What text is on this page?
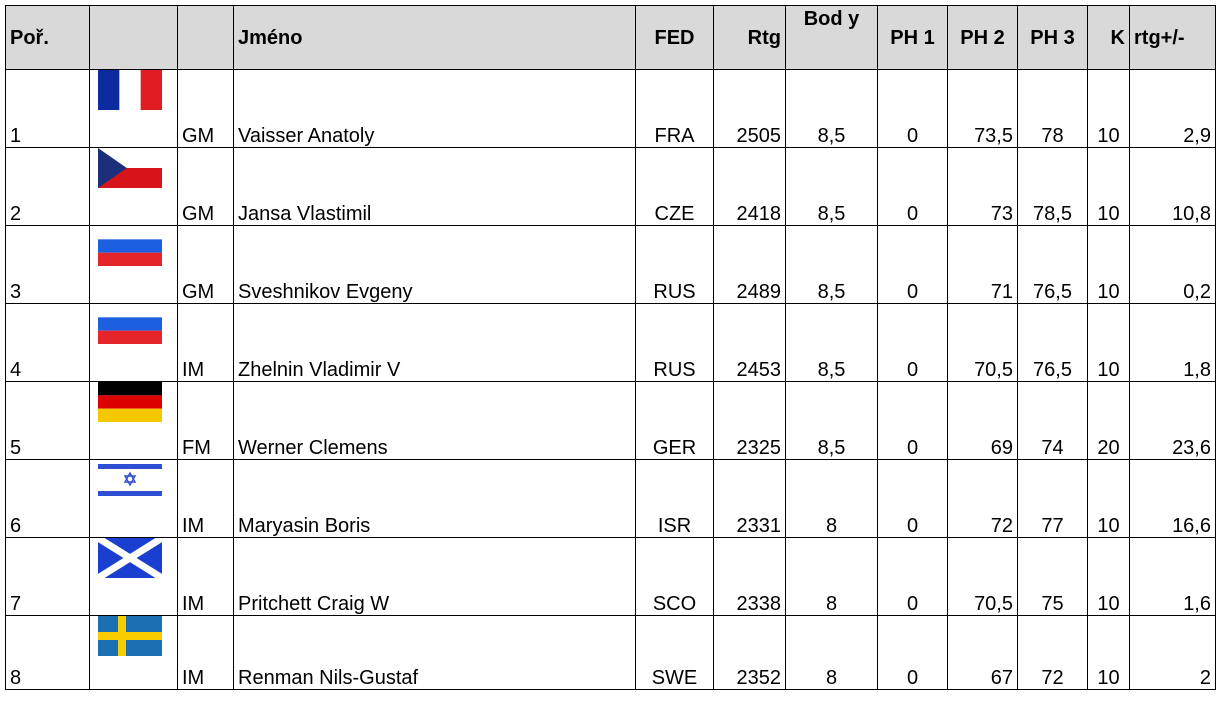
Poř.			Jméno	FED	Rtg	Bod y	PH 1	PH 2	PH 3	K	rtg+/-
1		GM	Vaisser Anatoly	FRA	2505	8,5	0	73,5	78	10	2,9
2		GM	Jansa Vlastimil	CZE	2418	8,5	0	73	78,5	10	10,8
3		GM	Sveshnikov Evgeny	RUS	2489	8,5	0	71	76,5	10	0,2
4		IM	Zhelnin Vladimir V	RUS	2453	8,5	0	70,5	76,5	10	1,8
5		FM	Werner Clemens	GER	2325	8,5	0	69	74	20	23,6
6		IM	Maryasin Boris	ISR	2331	8	0	72	77	10	16,6
7		IM	Pritchett Craig W	SCO	2338	8	0	70,5	75	10	1,6
8		IM	Renman Nils-Gustaf	SWE	2352	8	0	67	72	10	2
